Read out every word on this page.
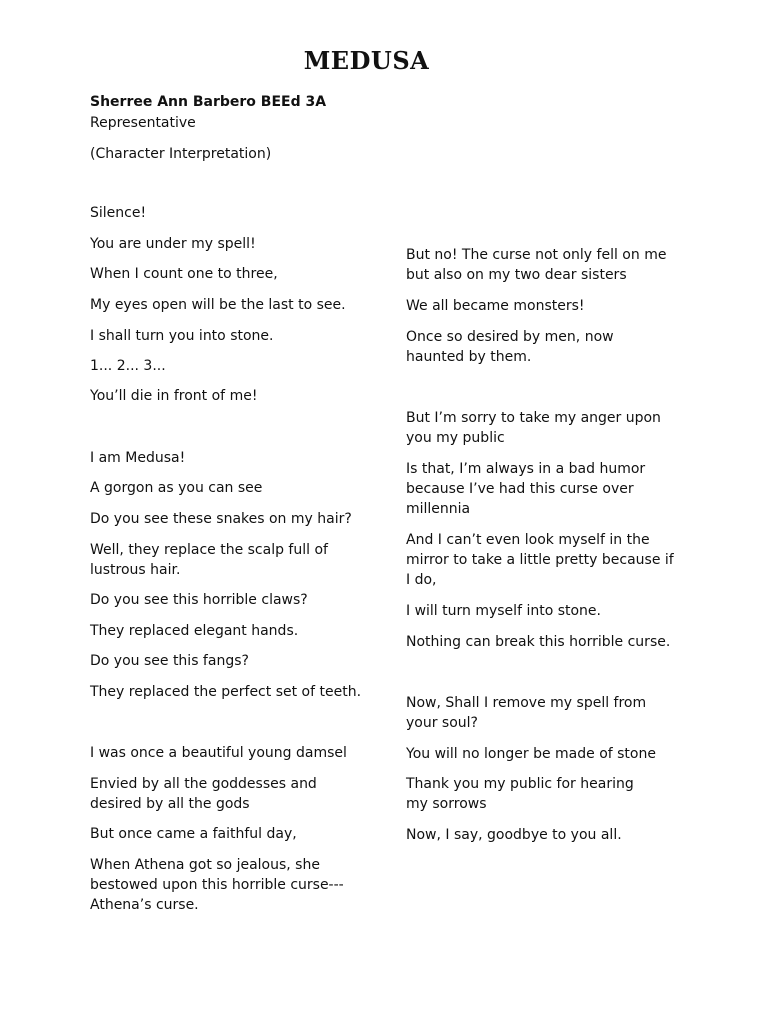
MEDUSA
Sherree Ann Barbero BEEd 3A

Representative

(Character Interpretation)

Silence!

You are under my spell!

When I count one to three,

My eyes open will be the last to see.

I shall turn you into stone.

1... 2... 3...

You’ll die in front of me!

I am Medusa!

A gorgon as you can see

Do you see these snakes on my hair?

Well, they replace the scalp full of lustrous hair.

Do you see this horrible claws?

They replaced elegant hands.

Do you see this fangs?

They replaced the perfect set of teeth.

I was once a beautiful young damsel

Envied by all the goddesses and desired by all the gods

But once came a faithful day,

When Athena got so jealous, she bestowed upon this horrible curse---Athena’s curse.

But no! The curse not only fell on me but also on my two dear sisters

We all became monsters!

Once so desired by men, now haunted by them.

But I’m sorry to take my anger upon you my public

Is that, I’m always in a bad humor because I’ve had this curse over millennia

And I can’t even look myself in the mirror to take a little pretty because if I do,

I will turn myself into stone.

Nothing can break this horrible curse.

Now, Shall I remove my spell from your soul?

You will no longer be made of stone

Thank you my public for hearing my sorrows

Now, I say, goodbye to you all.
